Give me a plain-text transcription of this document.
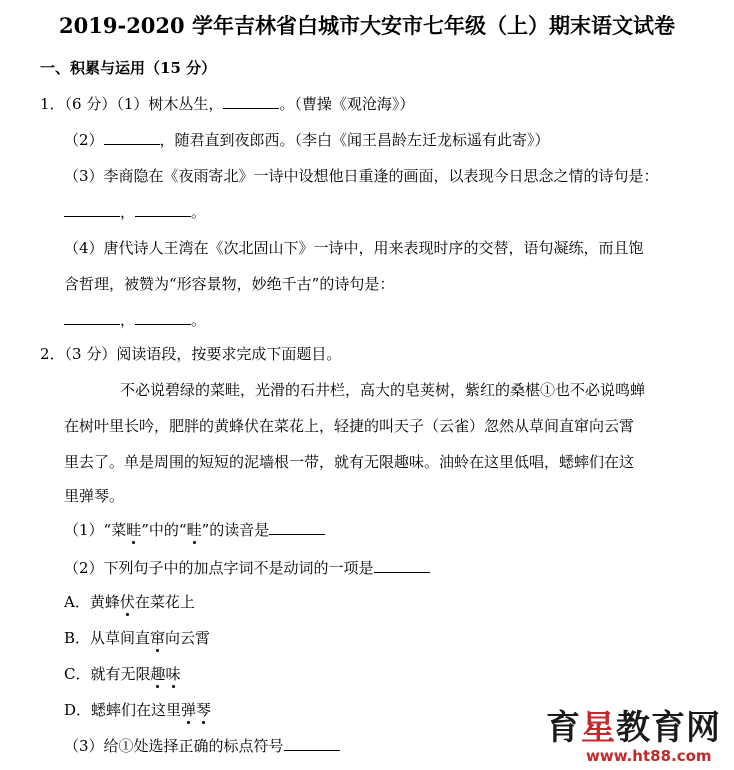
2019-2020 学年吉林省白城市大安市七年级（上）期末语文试卷
一、积累与运用（15 分）
1．（6 分）（1）树木丛生，	。（曹操《观沧海》）
（2）	，随君直到夜郎西。（李白《闻王昌龄左迁龙标遥有此寄》）
（3）李商隐在《夜雨寄北》一诗中设想他日重逢的画面，以表现今日思念之情的诗句是：
，	。
（4）唐代诗人王湾在《次北固山下》一诗中，用来表现时序的交替，语句凝练，而且饱
含哲理，被赞为“形容景物，妙绝千古”的诗句是：
，	。
2．（3 分）阅读语段，按要求完成下面题目。
不必说碧绿的菜畦，光滑的石井栏，高大的皂荚树，紫红的桑椹①也不必说鸣蝉
在树叶里长吟，肥胖的黄蜂伏在菜花上，轻捷的叫天子（云雀）忽然从草间直窜向云霄
里去了。单是周围的短短的泥墙根一带，就有无限趣味。油蛉在这里低唱，蟋蟀们在这
里弹琴。
（1）“菜畦”中的“畦”的读音是
（2）下列句子中的加点字词不是动词的一项是
A．黄蜂伏在菜花上
B．从草间直窜向云霄
C．就有无限趣味
D．蟋蟀们在这里弹琴
（3）给①处选择正确的标点符号	育星教育网
www.ht88.com
